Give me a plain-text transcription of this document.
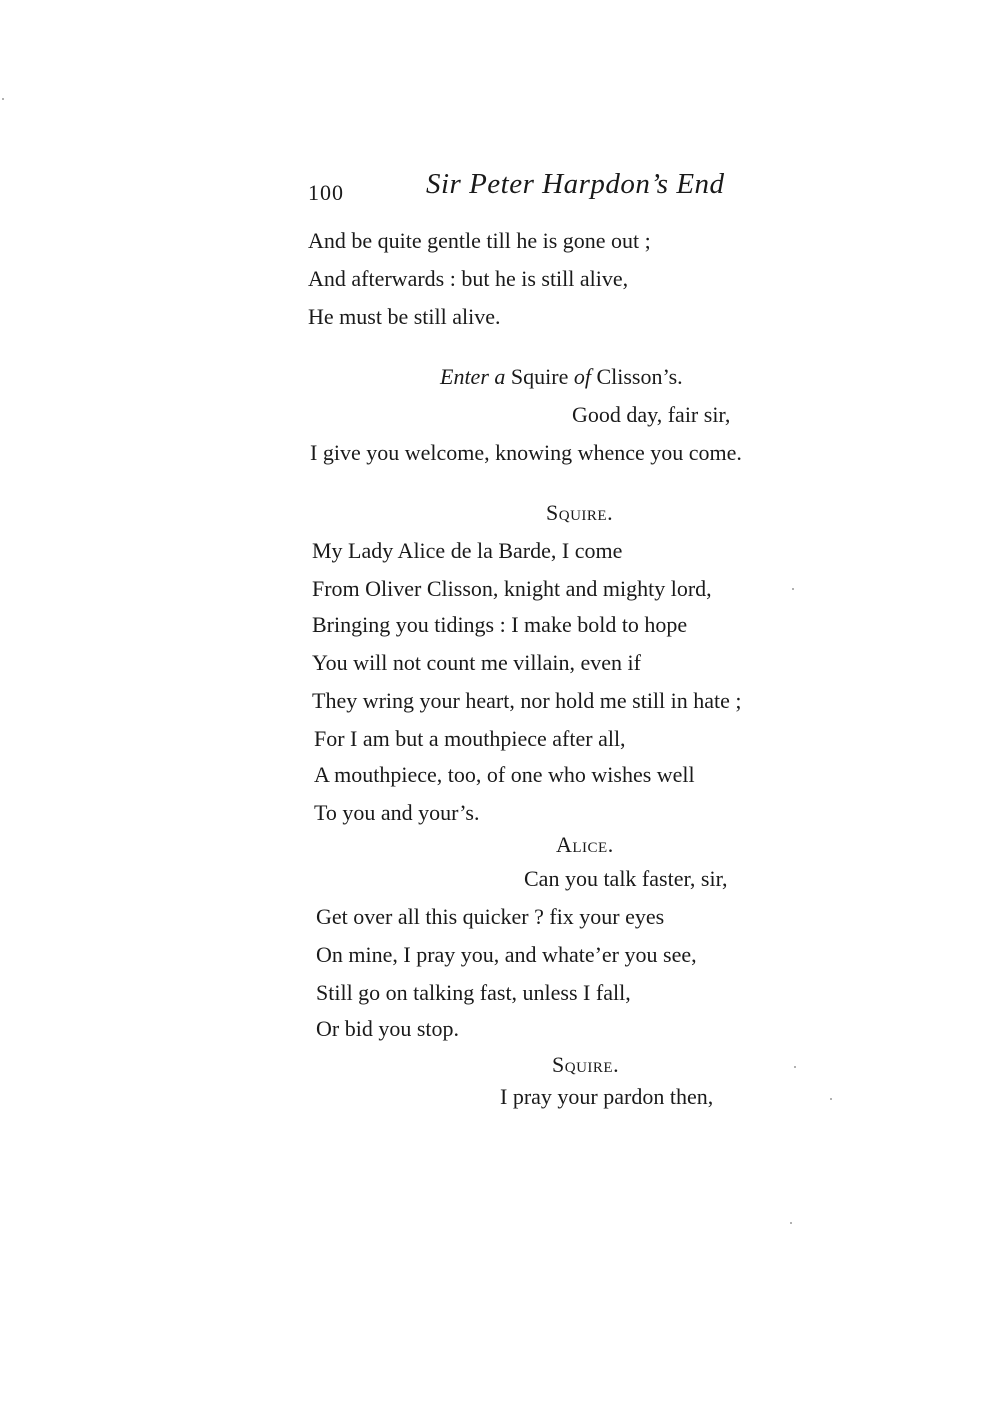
100	Sir Peter Harpdon’s End
And be quite gentle till he is gone out ;
And afterwards : but he is still alive,
He must be still alive.
Enter a Squire of Clisson’s.
Good day, fair sir,
I give you welcome, knowing whence you come.
Squire.
My Lady Alice de la Barde, I come
From Oliver Clisson, knight and mighty lord,
Bringing you tidings : I make bold to hope
You will not count me villain, even if
They wring your heart, nor hold me still in hate ;
For I am but a mouthpiece after all,
A mouthpiece, too, of one who wishes well
To you and your’s.
Alice.
Can you talk faster, sir,
Get over all this quicker ? fix your eyes
On mine, I pray you, and whate’er you see,
Still go on talking fast, unless I fall,
Or bid you stop.
Squire.
I pray your pardon then,
